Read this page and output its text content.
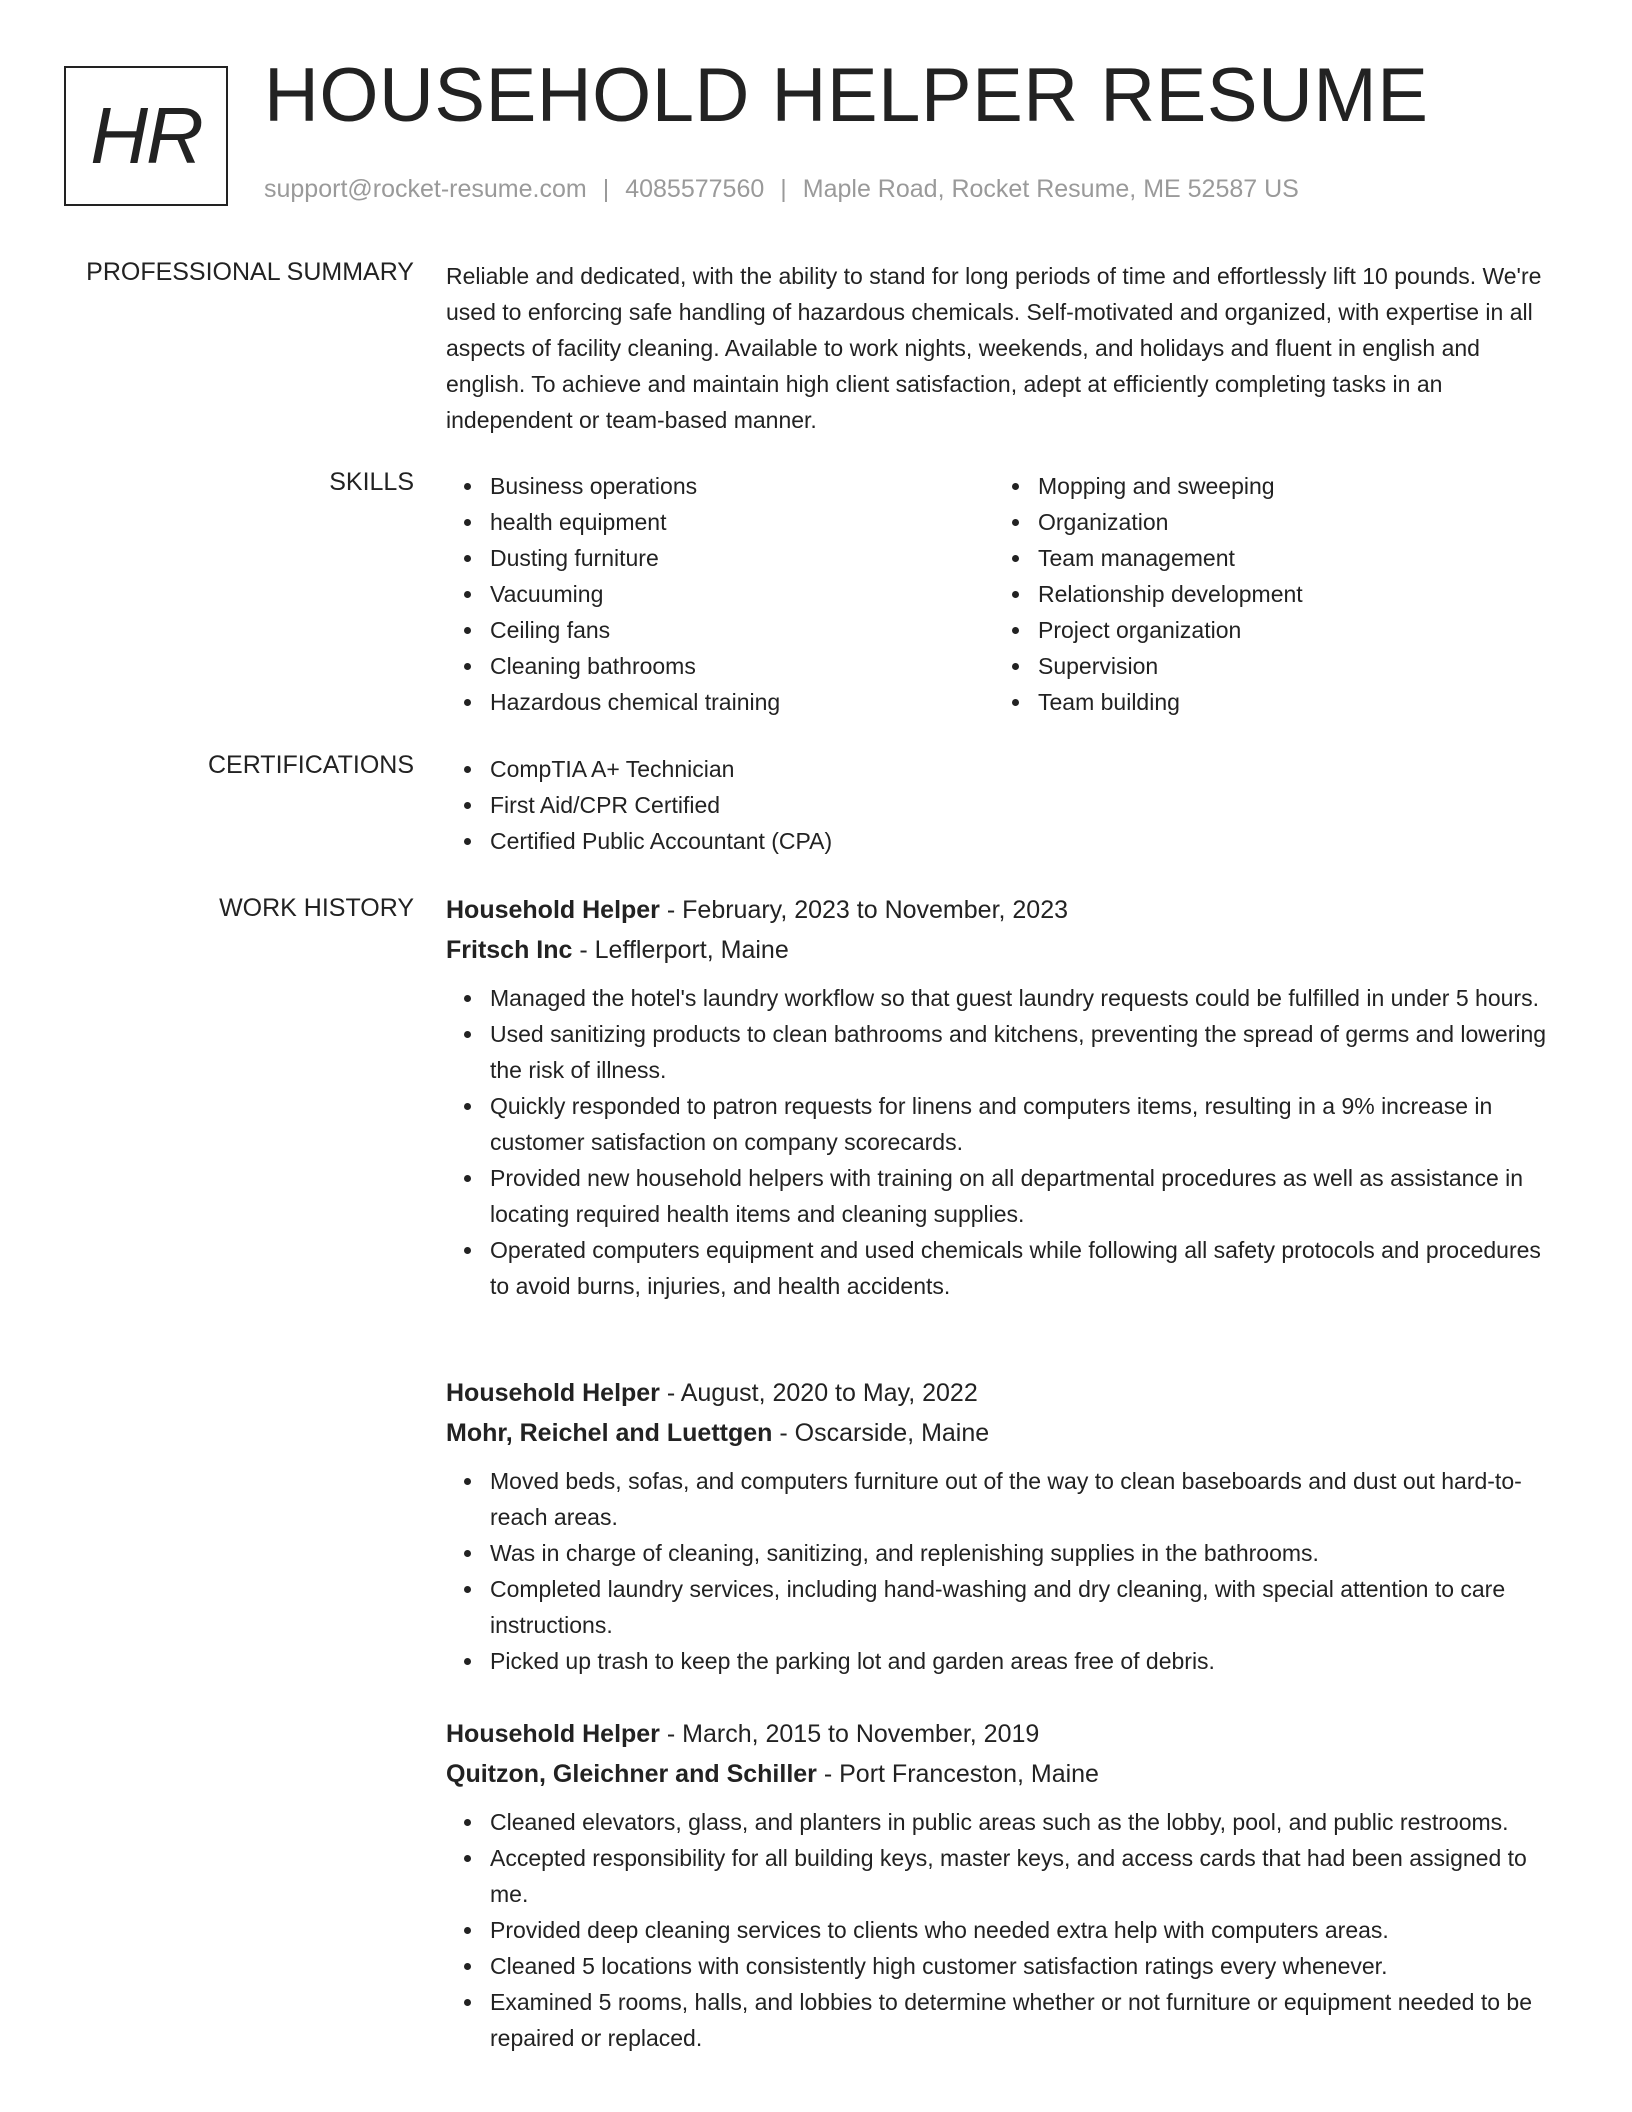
HR HOUSEHOLD HELPER RESUME
support@rocket-resume.com | 4085577560 | Maple Road, Rocket Resume, ME 52587 US
PROFESSIONAL SUMMARY Reliable and dedicated, with the ability to stand for long periods of time and effortlessly lift 10 pounds. We're used to enforcing safe handling of hazardous chemicals. Self-motivated and organized, with expertise in all aspects of facility cleaning. Available to work nights, weekends, and holidays and fluent in english and english. To achieve and maintain high client satisfaction, adept at efficiently completing tasks in an independent or team-based manner.
SKILLS	Business operations
health equipment
Dusting furniture
Vacuuming
Ceiling fans
Cleaning bathrooms
Hazardous chemical training
Mopping and sweeping
Organization
Team management
Relationship development
Project organization
Supervision
Team building
CERTIFICATIONS	CompTIA A+ Technician
First Aid/CPR Certified
Certified Public Accountant (CPA)
WORK HISTORY Household Helper - February, 2023 to November, 2023
Fritsch Inc - Lefflerport, Maine
Managed the hotel's laundry workflow so that guest laundry requests could be fulfilled in under 5 hours.
Used sanitizing products to clean bathrooms and kitchens, preventing the spread of germs and lowering the risk of illness.
Quickly responded to patron requests for linens and computers items, resulting in a 9% increase in customer satisfaction on company scorecards.
Provided new household helpers with training on all departmental procedures as well as assistance in locating required health items and cleaning supplies.
Operated computers equipment and used chemicals while following all safety protocols and procedures to avoid burns, injuries, and health accidents.
Household Helper - August, 2020 to May, 2022
Mohr, Reichel and Luettgen - Oscarside, Maine
Moved beds, sofas, and computers furniture out of the way to clean baseboards and dust out hard-to-reach areas.
Was in charge of cleaning, sanitizing, and replenishing supplies in the bathrooms.
Completed laundry services, including hand-washing and dry cleaning, with special attention to care instructions.
Picked up trash to keep the parking lot and garden areas free of debris.
Household Helper - March, 2015 to November, 2019
Quitzon, Gleichner and Schiller - Port Franceston, Maine
Cleaned elevators, glass, and planters in public areas such as the lobby, pool, and public restrooms.
Accepted responsibility for all building keys, master keys, and access cards that had been assigned to me.
Provided deep cleaning services to clients who needed extra help with computers areas.
Cleaned 5 locations with consistently high customer satisfaction ratings every whenever.
Examined 5 rooms, halls, and lobbies to determine whether or not furniture or equipment needed to be repaired or replaced.
